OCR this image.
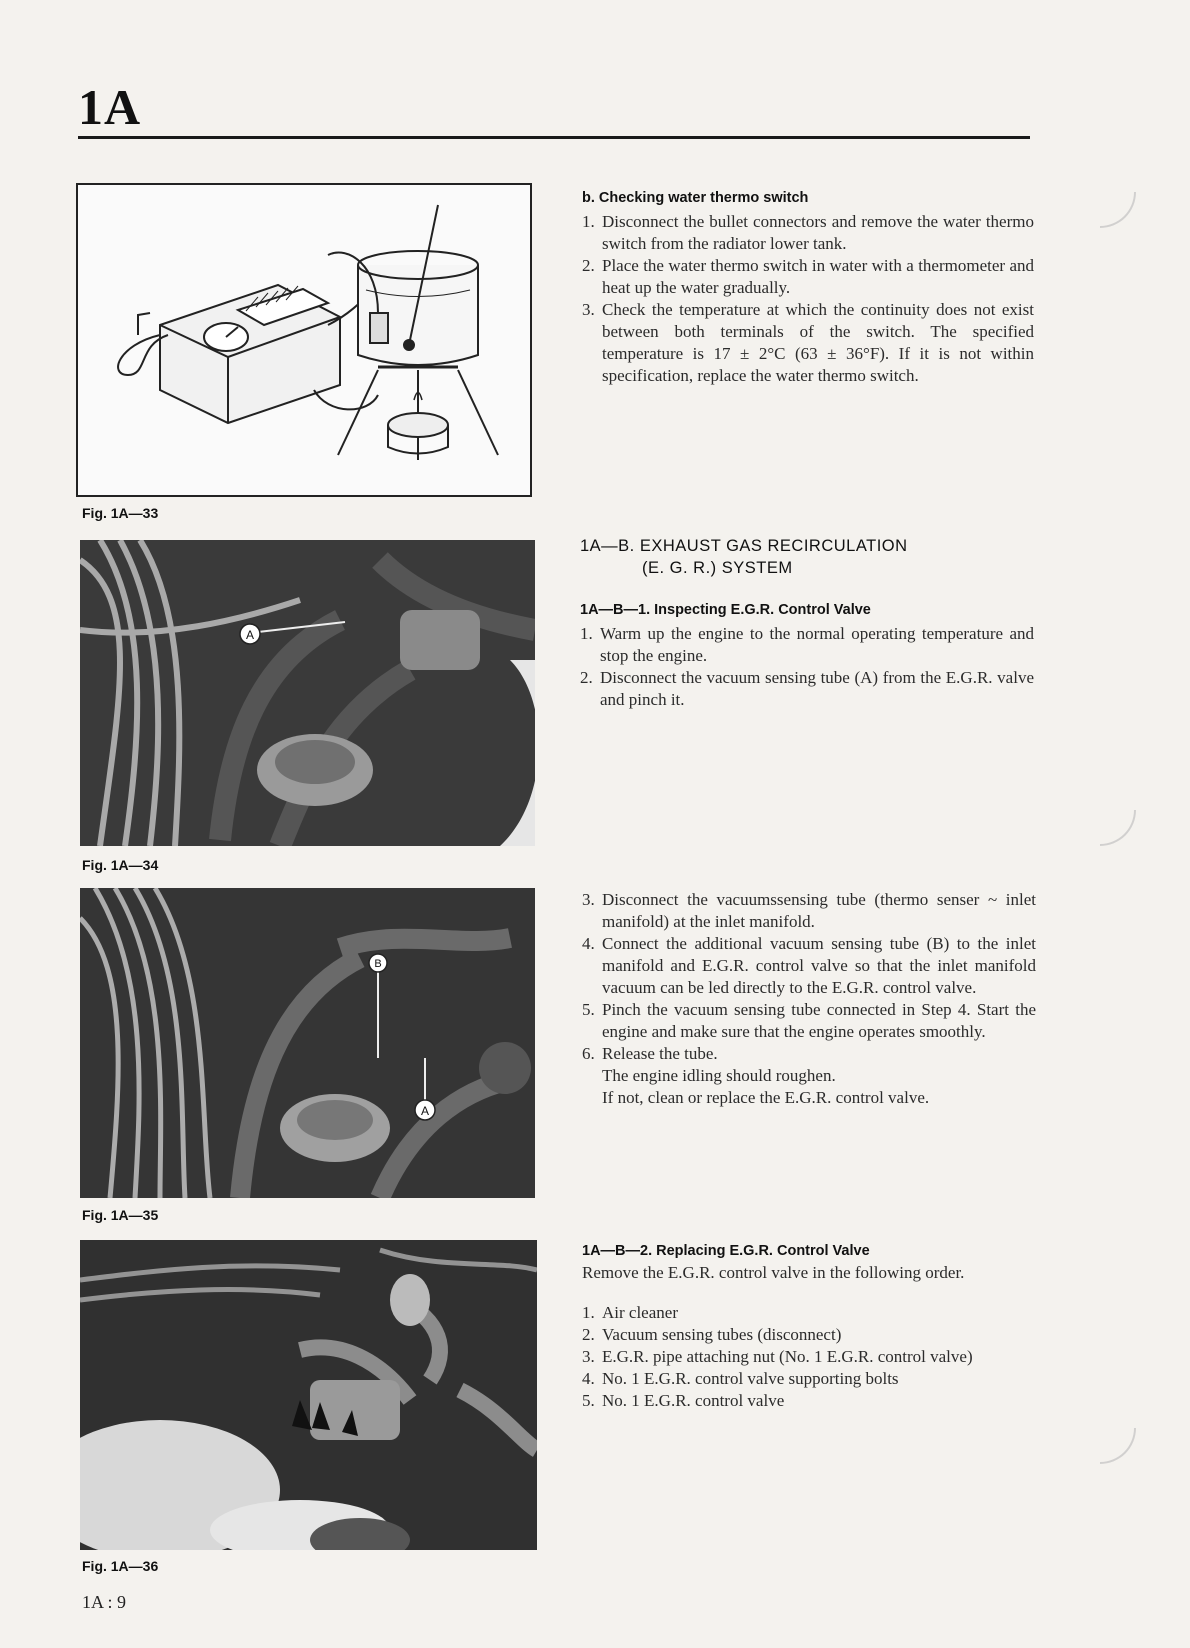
1A
Fig. 1A—33
A
Fig. 1A—34
B
A
Fig. 1A—35
Fig. 1A—36
b. Checking water thermo switch
1. Disconnect the bullet connectors and remove the water thermo switch from the radiator lower tank.
2. Place the water thermo switch in water with a thermometer and heat up the water gradually.
3. Check the temperature at which the continuity does not exist between both terminals of the switch. The specified temperature is 17 ± 2°C (63 ± 36°F). If it is not within specification, replace the water thermo switch.
1A—B. EXHAUST GAS RECIRCULATION
(E. G. R.) SYSTEM
1A—B—1. Inspecting E.G.R. Control Valve
1. Warm up the engine to the normal operating temperature and stop the engine.
2. Disconnect the vacuum sensing tube (A) from the E.G.R. valve and pinch it.
3. Disconnect the vacuumssensing tube (thermo senser ~ inlet manifold) at the inlet manifold.
4. Connect the additional vacuum sensing tube (B) to the inlet manifold and E.G.R. control valve so that the inlet manifold vacuum can be led directly to the E.G.R. control valve.
5. Pinch the vacuum sensing tube connected in Step 4. Start the engine and make sure that the engine operates smoothly.
6. Release the tube.
The engine idling should roughen.
If not, clean or replace the E.G.R. control valve.
1A—B—2. Replacing E.G.R. Control Valve
Remove the E.G.R. control valve in the following order.
1. Air cleaner
2. Vacuum sensing tubes (disconnect)
3. E.G.R. pipe attaching nut (No. 1 E.G.R. control valve)
4. No. 1 E.G.R. control valve supporting bolts
5. No. 1 E.G.R. control valve
1A : 9
